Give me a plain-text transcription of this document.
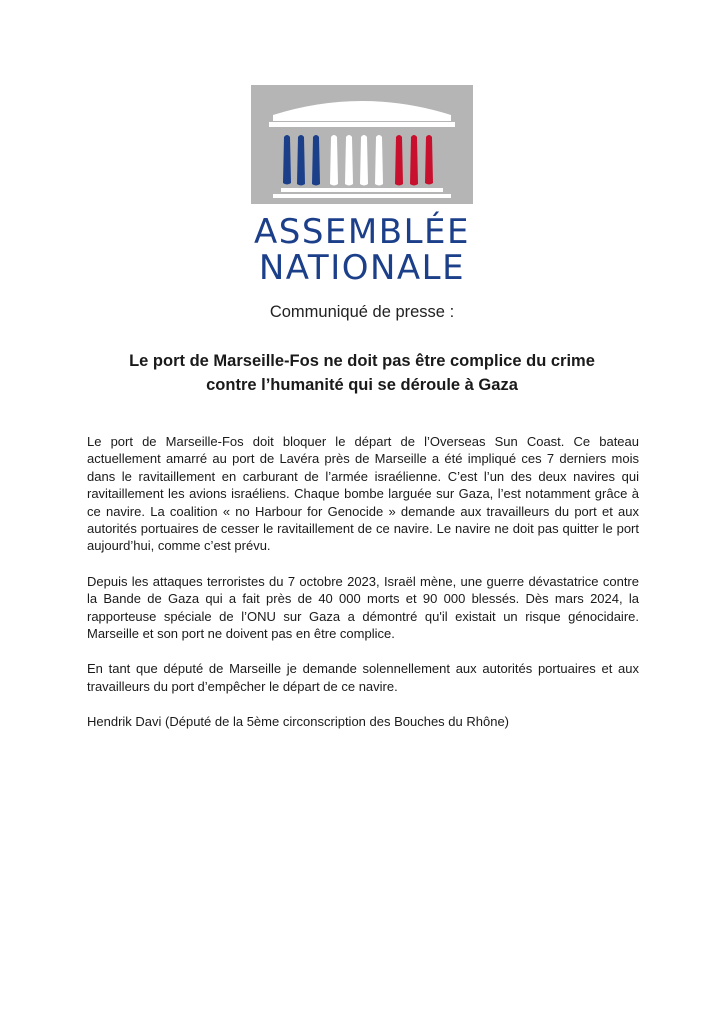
ASSEMBLÉE
NATIONALE
Communiqué de presse :
Le port de Marseille-Fos ne doit pas être complice du crime
contre l’humanité qui se déroule à Gaza

Le port de Marseille-Fos doit bloquer le départ de l’Overseas Sun Coast. Ce bateau actuellement amarré au port de Lavéra près de Marseille a été impliqué ces 7 derniers mois dans le ravitaillement en carburant de l’armée israélienne. C’est l’un des deux navires qui ravitaillement les avions israéliens. Chaque bombe larguée sur Gaza, l’est notamment grâce à ce navire. La coalition « no Harbour for Genocide » demande aux travailleurs du port et aux autorités portuaires de cesser le ravitaillement de ce navire. Le navire ne doit pas quitter le port aujourd’hui, comme c’est prévu.

Depuis les attaques terroristes du 7 octobre 2023, Israël mène, une guerre dévastatrice contre la Bande de Gaza qui a fait près de 40 000 morts et 90 000 blessés. Dès mars 2024, la rapporteuse spéciale de l’ONU sur Gaza a démontré qu'il existait un risque génocidaire. Marseille et son port ne doivent pas en être complice.

En tant que député de Marseille je demande solennellement aux autorités portuaires et aux travailleurs du port d’empêcher le départ de ce navire.

Hendrik Davi (Député de la 5ème circonscription des Bouches du Rhône)
